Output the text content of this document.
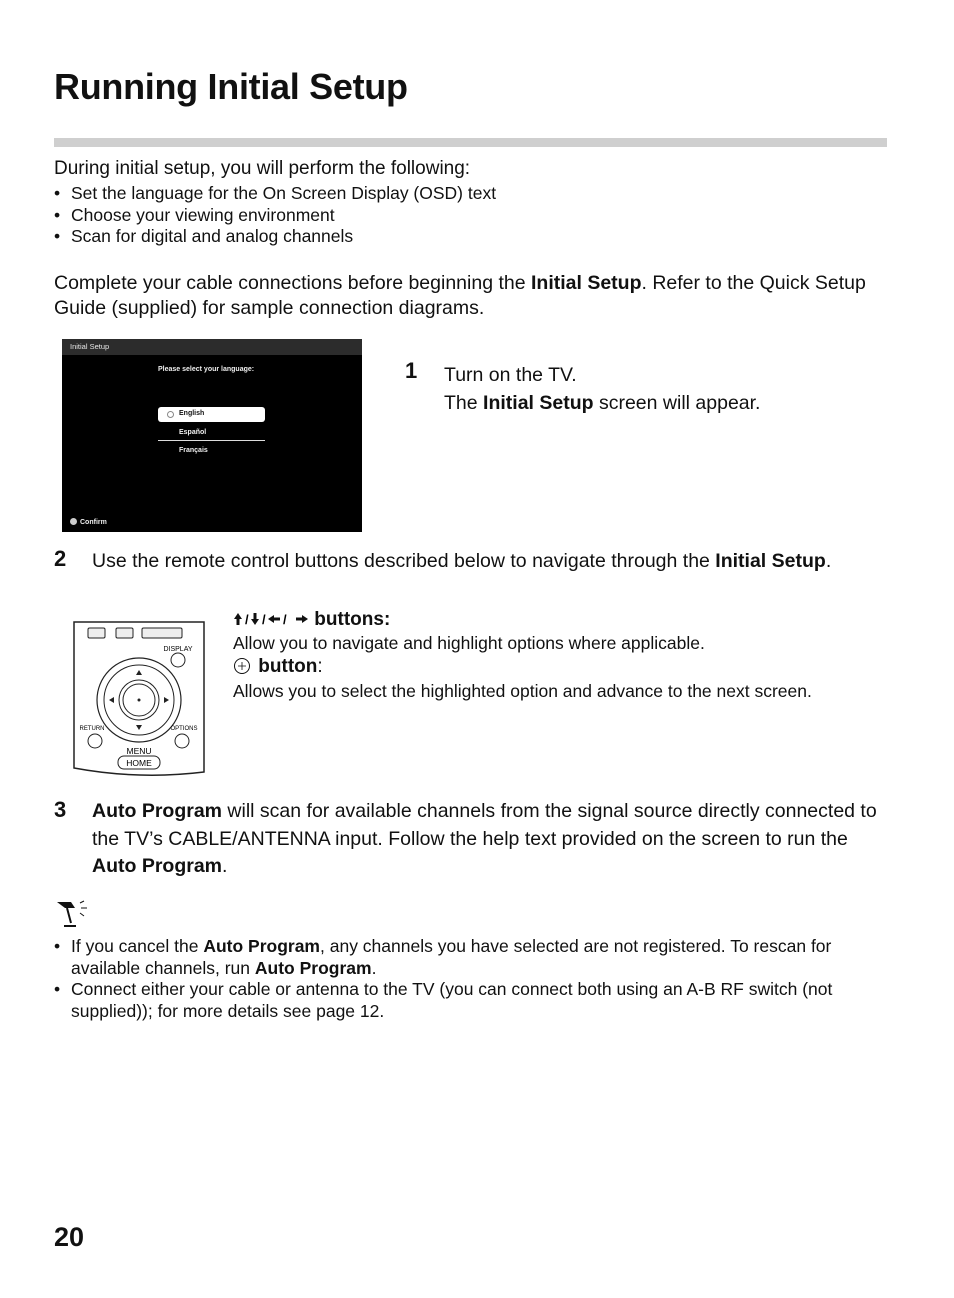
Running Initial Setup
During initial setup, you will perform the following:
• Set the language for the On Screen Display (OSD) text
• Choose your viewing environment
• Scan for digital and analog channels
Complete your cable connections before beginning the Initial Setup. Refer to the Quick Setup Guide (supplied) for sample connection diagrams.
Initial Setup
Please select your language:
English
Español
Français
Confirm
1 Turn on the TV.
The Initial Setup screen will appear.
2 Use the remote control buttons described below to navigate through the Initial Setup.
DISPLAY
RETURN	OPTIONS
MENU
HOME
/ / / buttons:
Allow you to navigate and highlight options where applicable.
button:
Allows you to select the highlighted option and advance to the next screen.
3 Auto Program will scan for available channels from the signal source directly connected to the TV’s CABLE/ANTENNA input. Follow the help text provided on the screen to run the Auto Program.
• If you cancel the Auto Program, any channels you have selected are not registered. To rescan for available channels, run Auto Program.
• Connect either your cable or antenna to the TV (you can connect both using an A-B RF switch (not supplied)); for more details see page 12.
20
